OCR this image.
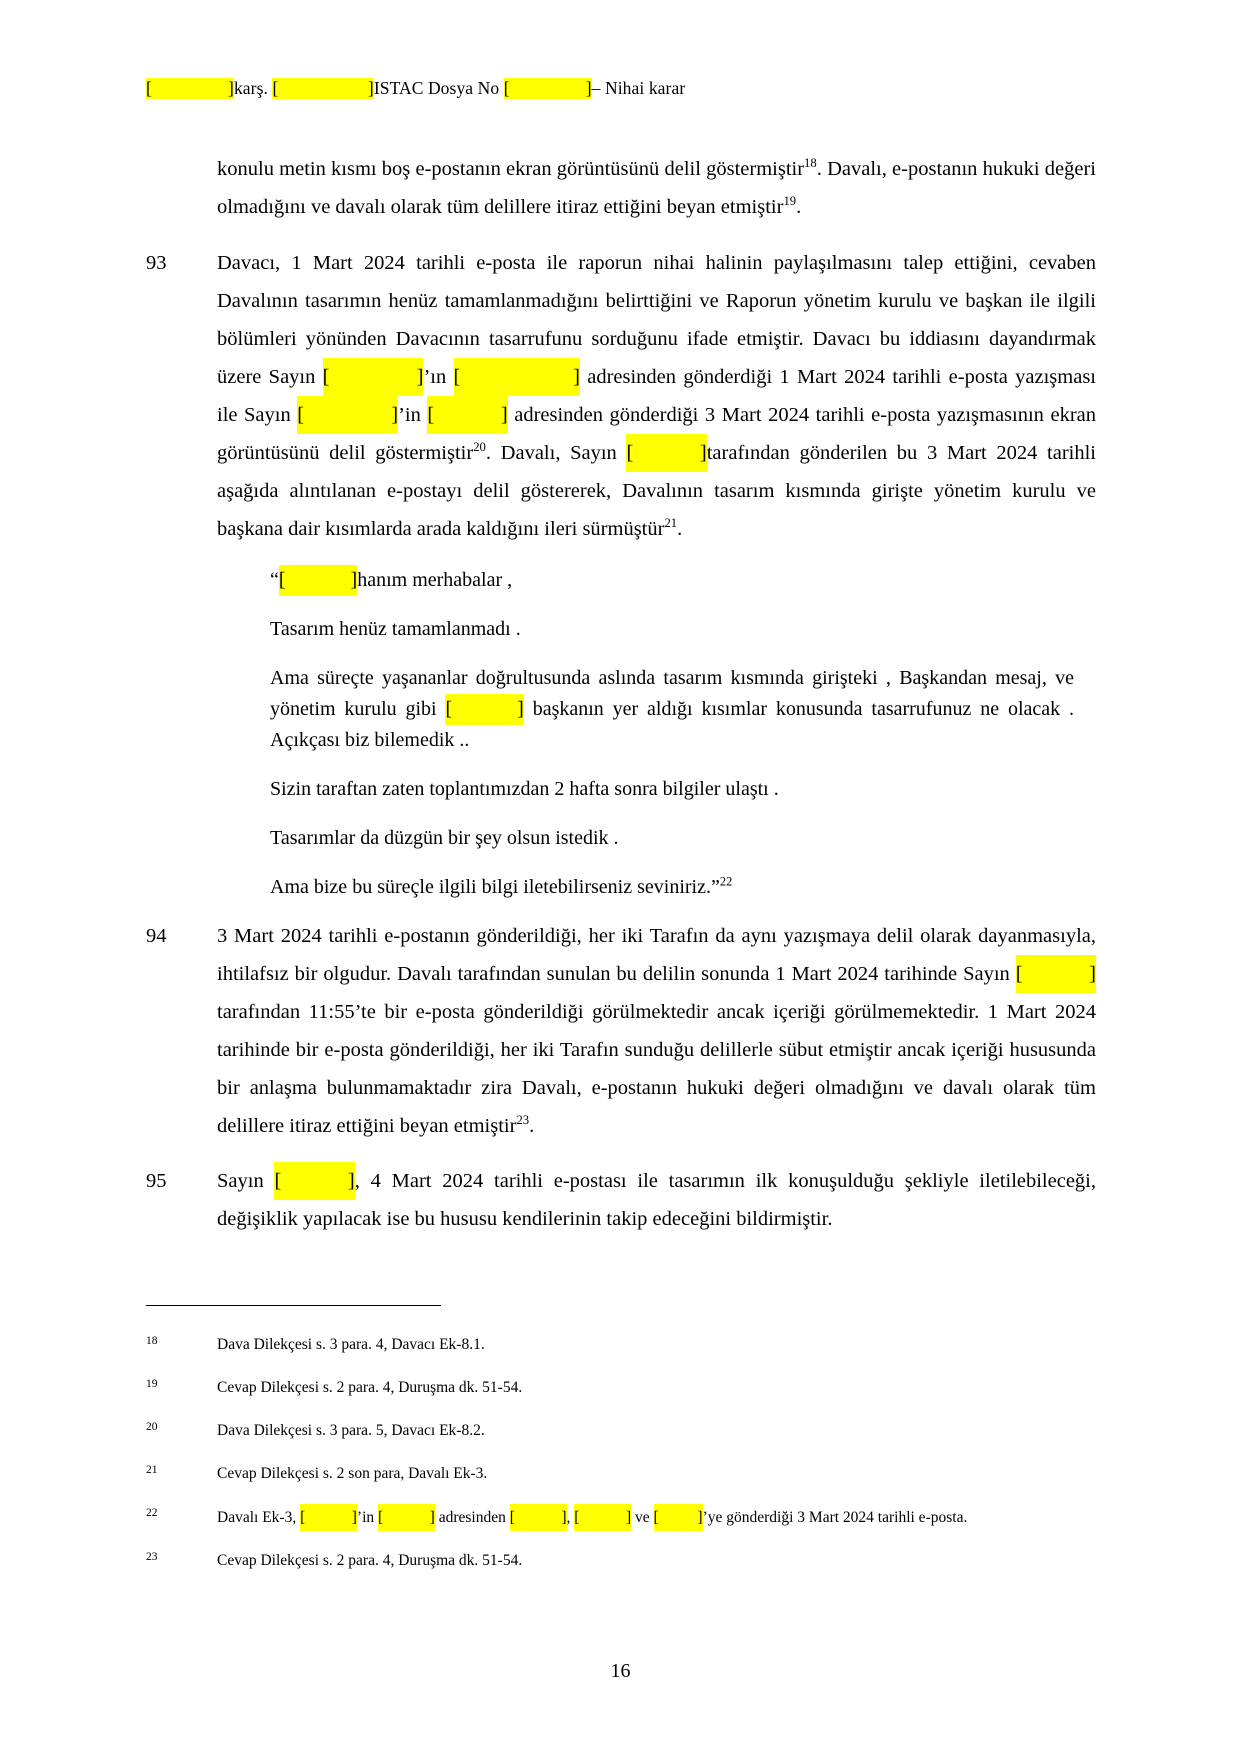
[                 ]karş. [                    ]ISTAC Dosya No [                 ]– Nihai karar
konulu metin kısmı boş e-postanın ekran görüntüsünü delil göstermiştir$^{18}$. Davalı, e-postanın hukuki değeri olmadığını ve davalı olarak tüm delillere itiraz ettiğini beyan etmiştir$^{19}$.
93	Davacı, 1 Mart 2024 tarihli e-posta ile raporun nihai halinin paylaşılmasını talep ettiğini, cevaben Davalının tasarımın henüz tamamlanmadığını belirttiğini ve Raporun yönetim kurulu ve başkan ile ilgili bölümleri yönünden Davacının tasarrufunu sorduğunu ifade etmiştir. Davacı bu iddiasını dayandırmak üzere Sayın [                 ]’ın [                      ] adresinden gönderdiği 1 Mart 2024 tarihli e-posta yazışması ile Sayın [                 ]’in [             ] adresinden gönderdiği 3 Mart 2024 tarihli e-posta yazışmasının ekran görüntüsünü delil göstermiştir$^{20}$. Davalı, Sayın [             ]tarafından gönderilen bu 3 Mart 2024 tarihli aşağıda alıntılanan e-postayı delil göstererek, Davalının tasarım kısmında girişte yönetim kurulu ve başkana dair kısımlarda arada kaldığını ileri sürmüştür$^{21}$.

“[             ]hanım merhabalar ,

Tasarım henüz tamamlanmadı .

Ama süreçte yaşananlar doğrultusunda aslında tasarım kısmında girişteki , Başkandan mesaj, ve yönetim kurulu gibi [             ] başkanın yer aldığı kısımlar konusunda tasarrufunuz ne olacak . Açıkçası biz bilemedik ..

Sizin taraftan zaten toplantımızdan 2 hafta sonra bilgiler ulaştı .

Tasarımlar da düzgün bir şey olsun istedik .

Ama bize bu süreçle ilgili bilgi iletebilirseniz seviniriz.”$^{22}$

94	3 Mart 2024 tarihli e-postanın gönderildiği, her iki Tarafın da aynı yazışmaya delil olarak dayanmasıyla, ihtilafsız bir olgudur. Davalı tarafından sunulan bu delilin sonunda 1 Mart 2024 tarihinde Sayın [             ] tarafından 11:55’te bir e-posta gönderildiği görülmektedir ancak içeriği görülmemektedir. 1 Mart 2024 tarihinde bir e-posta gönderildiği, her iki Tarafın sunduğu delillerle sübut etmiştir ancak içeriği hususunda bir anlaşma bulunmamaktadır zira Davalı, e-postanın hukuki değeri olmadığını ve davalı olarak tüm delillere itiraz ettiğini beyan etmiştir$^{23}$.
95	Sayın [             ], 4 Mart 2024 tarihli e-postası ile tasarımın ilk konuşulduğu şekliyle iletilebileceği, değişiklik yapılacak ise bu hususu kendilerinin takip edeceğini bildirmiştir.
18	Dava Dilekçesi s. 3 para. 4, Davacı Ek-8.1.
19	Cevap Dilekçesi s. 2 para. 4, Duruşma dk. 51-54.
20	Dava Dilekçesi s. 3 para. 5, Davacı Ek-8.2.
21	Cevap Dilekçesi s. 2 son para, Davalı Ek-3.
22	Davalı Ek-3, [            ]’in [            ] adresinden [            ], [            ] ve [          ]’ye gönderdiği 3 Mart 2024 tarihli e-posta.
23	Cevap Dilekçesi s. 2 para. 4, Duruşma dk. 51-54.
16
